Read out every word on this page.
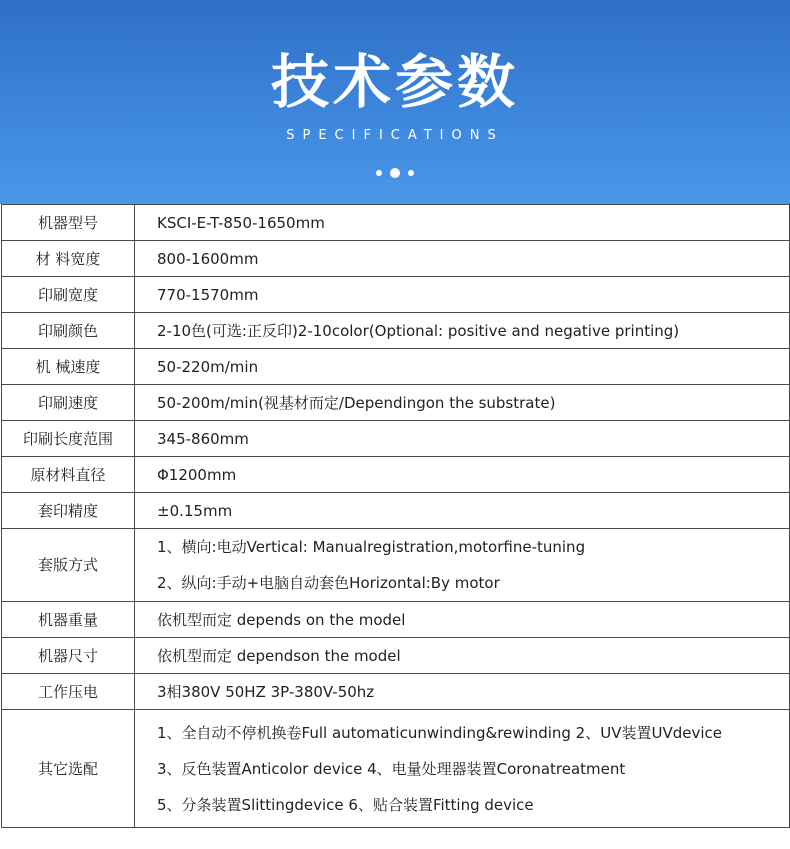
技术参数
SPECIFICATIONS
机器型号	KSCI-E-T-850-1650mm
材 料宽度	800-1600mm
印刷宽度	770-1570mm
印刷颜色	2-10色(可选:正反印)2-10color(Optional: positive and negative printing)
机 械速度	50-220m/min
印刷速度	50-200m/min(视基材而定/Dependingon the substrate)
印刷长度范围	345-860mm
原材料直径	Φ1200mm
套印精度	±0.15mm
套版方式	1、横向:电动Vertical: Manualregistration,motorfine-tuning
2、纵向:手动+电脑自动套色Horizontal:By motor

机器重量	依机型而定 depends on the model
机器尺寸	依机型而定 dependson the model
工作压电	3相380V 50HZ 3P-380V-50hz
其它选配	1、全自动不停机换卷Full automaticunwinding&rewinding 2、UV装置UVdevice
3、反色装置Anticolor device 4、电量处理器装置Coronatreatment
5、分条装置Slittingdevice 6、贴合装置Fitting device
